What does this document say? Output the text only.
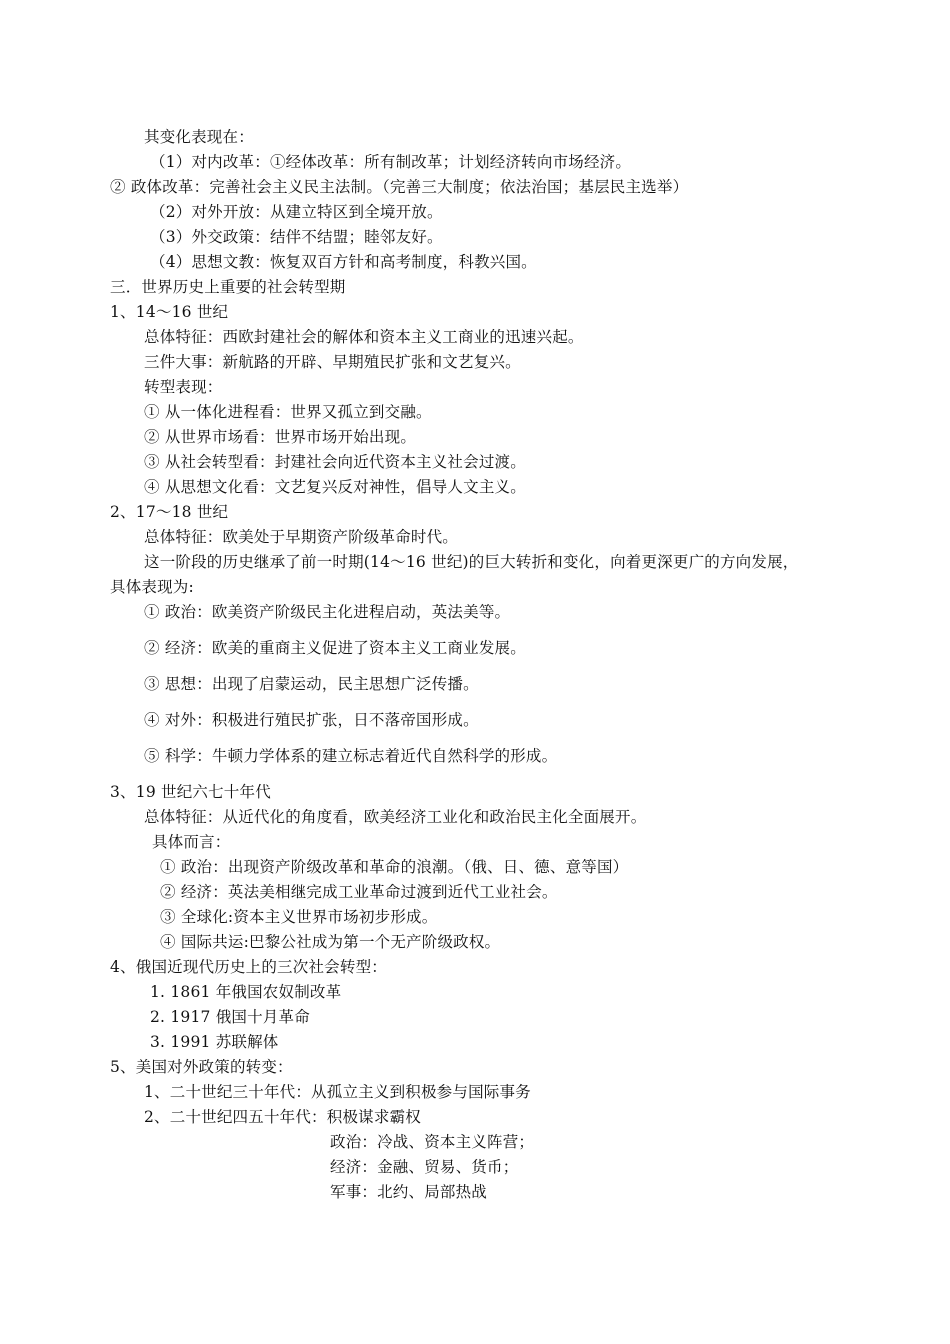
其变化表现在：

（1）对内改革：①经体改革：所有制改革；计划经济转向市场经济。

② 政体改革：完善社会主义民主法制。（完善三大制度；依法治国；基层民主选举）

（2）对外开放：从建立特区到全境开放。

（3）外交政策：结伴不结盟；睦邻友好。

（4）思想文教：恢复双百方针和高考制度，科教兴国。

三．世界历史上重要的社会转型期

1、14～16 世纪

总体特征：西欧封建社会的解体和资本主义工商业的迅速兴起。

三件大事：新航路的开辟、早期殖民扩张和文艺复兴。

转型表现：

① 从一体化进程看：世界又孤立到交融。

② 从世界市场看：世界市场开始出现。

③ 从社会转型看：封建社会向近代资本主义社会过渡。

④ 从思想文化看：文艺复兴反对神性，倡导人文主义。

2、17～18 世纪

总体特征：欧美处于早期资产阶级革命时代。

这一阶段的历史继承了前一时期(14～16 世纪)的巨大转折和变化，向着更深更广的方向发展，

具体表现为:

① 政治：欧美资产阶级民主化进程启动，英法美等。

② 经济：欧美的重商主义促进了资本主义工商业发展。

③ 思想：出现了启蒙运动，民主思想广泛传播。

④ 对外：积极进行殖民扩张，日不落帝国形成。

⑤ 科学：牛顿力学体系的建立标志着近代自然科学的形成。

3、19 世纪六七十年代

总体特征：从近代化的角度看，欧美经济工业化和政治民主化全面展开。

具体而言：

① 政治：出现资产阶级改革和革命的浪潮。（俄、日、德、意等国）

② 经济：英法美相继完成工业革命过渡到近代工业社会。

③ 全球化:资本主义世界市场初步形成。

④ 国际共运:巴黎公社成为第一个无产阶级政权。

4、俄国近现代历史上的三次社会转型：

1. 1861 年俄国农奴制改革

2. 1917 俄国十月革命

3. 1991 苏联解体

5、美国对外政策的转变：

1、二十世纪三十年代：从孤立主义到积极参与国际事务

2、二十世纪四五十年代：积极谋求霸权

政治：冷战、资本主义阵营；

经济：金融、贸易、货币；

军事：北约、局部热战
